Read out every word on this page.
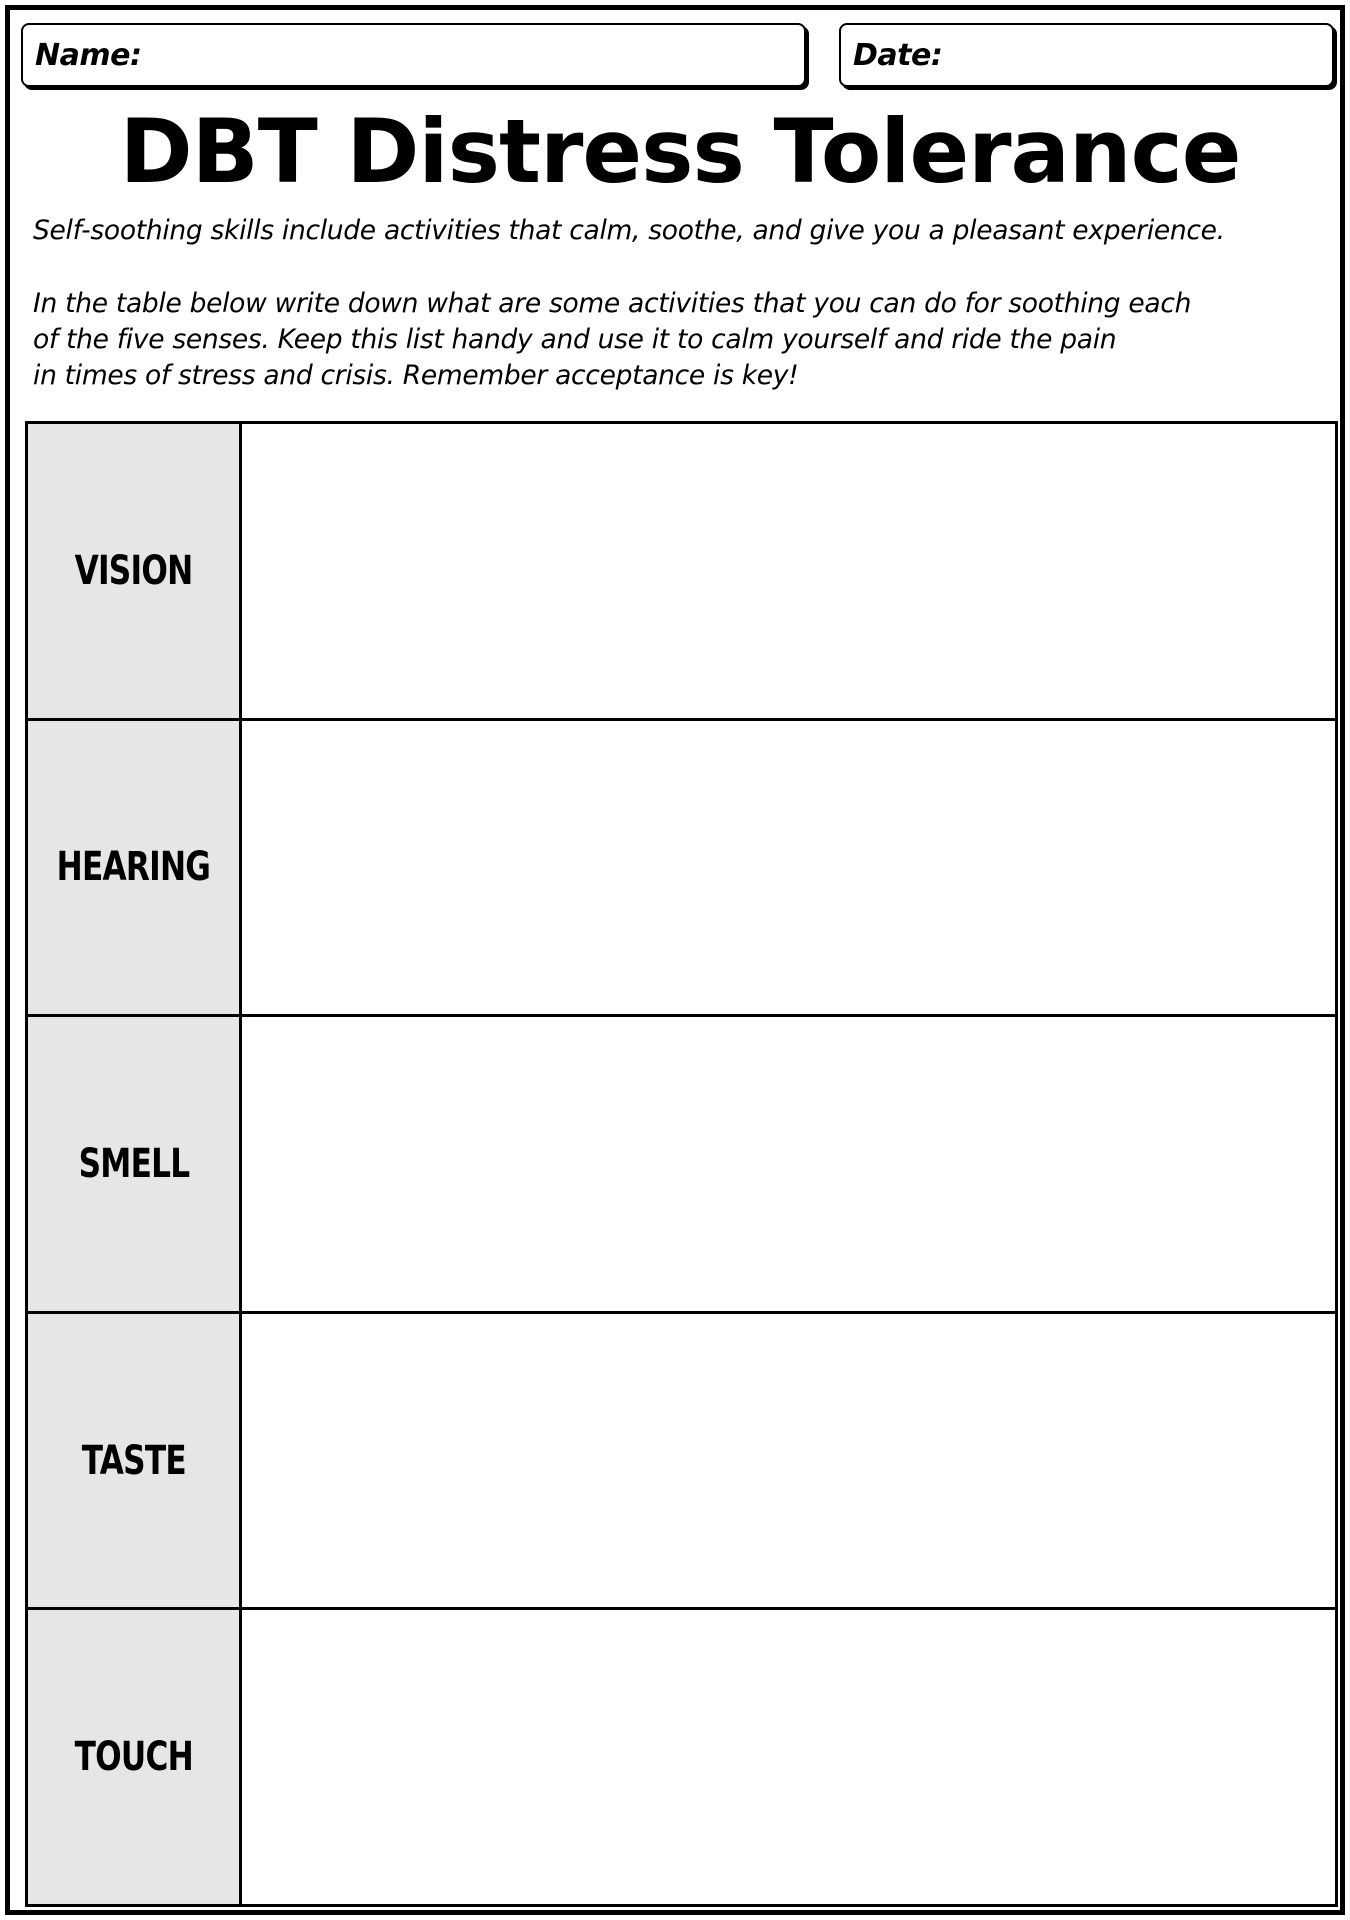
Name:	Date:
DBT Distress Tolerance
Self-soothing skills include activities that calm, soothe, and give you a pleasant experience.
In the table below write down what are some activities that you can do for soothing each
of the five senses. Keep this list handy and use it to calm yourself and ride the pain
in times of stress and crisis. Remember acceptance is key!
VISION
HEARING
SMELL
TASTE
TOUCH
